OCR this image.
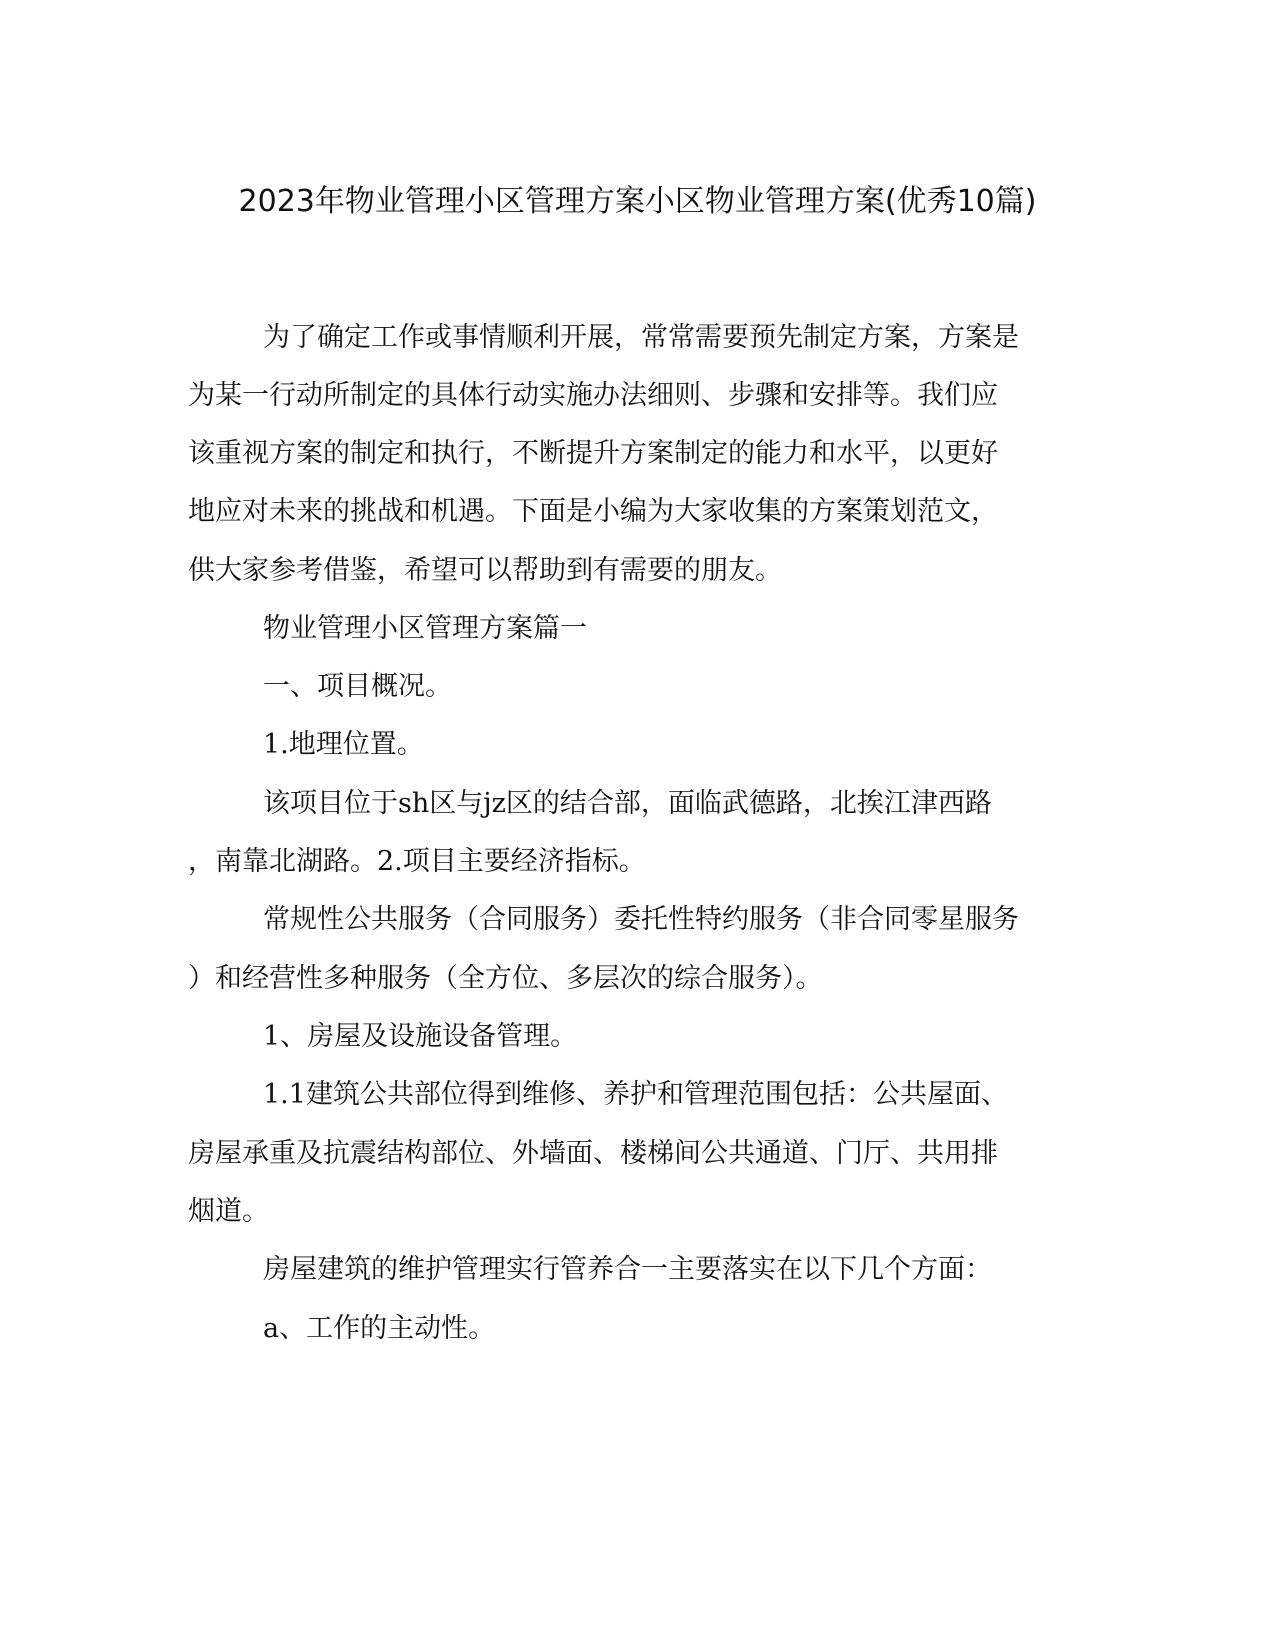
2023年物业管理小区管理方案小区物业管理方案(优秀10篇)
为了确定工作或事情顺利开展，常常需要预先制定方案，方案是
为某一行动所制定的具体行动实施办法细则、步骤和安排等。我们应
该重视方案的制定和执行，不断提升方案制定的能力和水平，以更好
地应对未来的挑战和机遇。下面是小编为大家收集的方案策划范文，
供大家参考借鉴，希望可以帮助到有需要的朋友。
物业管理小区管理方案篇一
一、项目概况。
1.地理位置。
该项目位于sh区与jz区的结合部，面临武德路，北挨江津西路
，南靠北湖路。2.项目主要经济指标。
常规性公共服务（合同服务）委托性特约服务（非合同零星服务
）和经营性多种服务（全方位、多层次的综合服务）。
1、房屋及设施设备管理。
1.1建筑公共部位得到维修、养护和管理范围包括：公共屋面、
房屋承重及抗震结构部位、外墙面、楼梯间公共通道、门厅、共用排
烟道。
房屋建筑的维护管理实行管养合一主要落实在以下几个方面：
a、工作的主动性。
